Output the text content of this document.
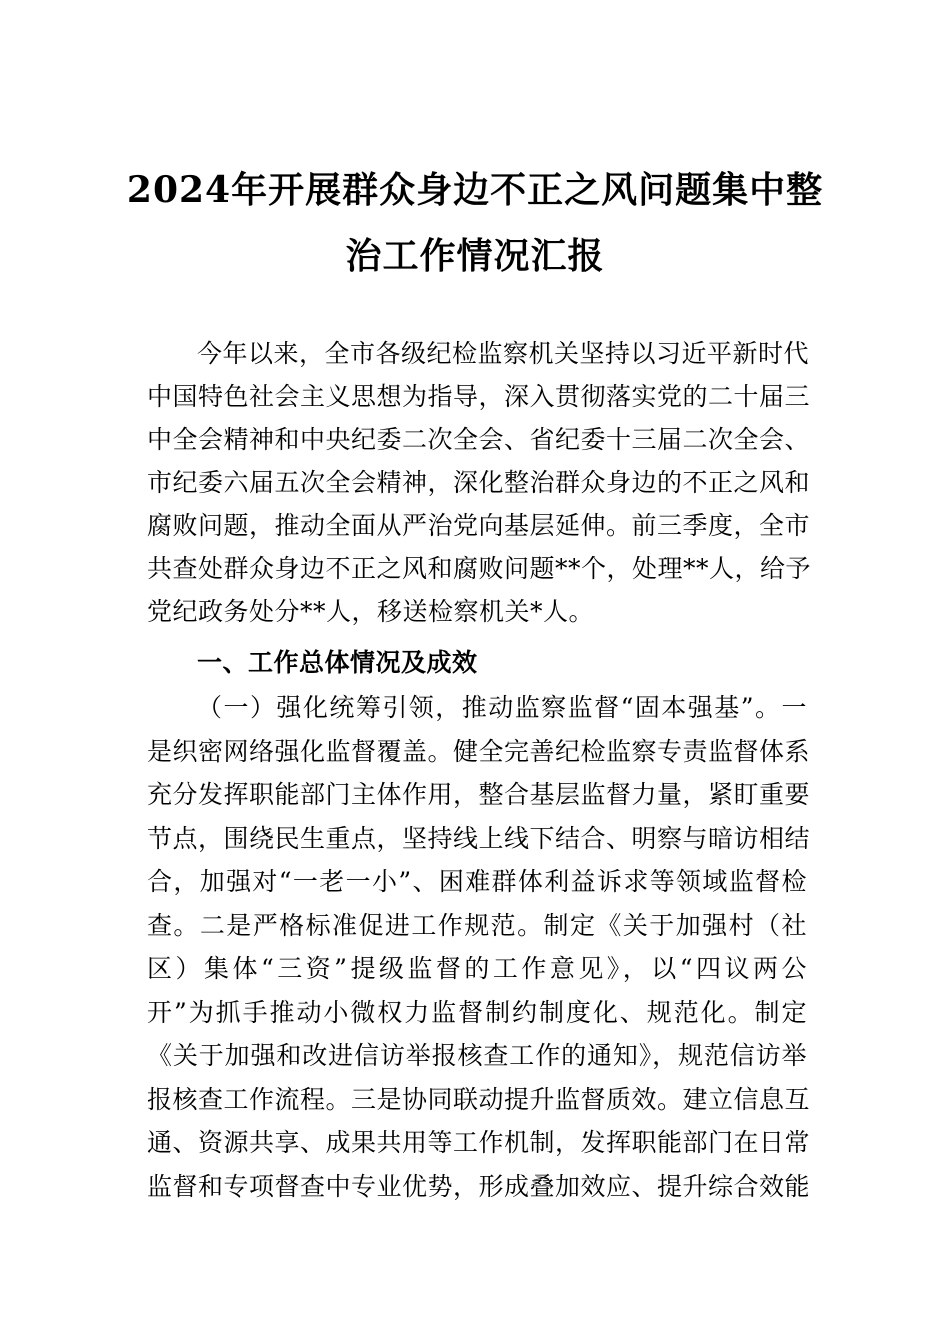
2024年开展群众身边不正之风问题集中整
治工作情况汇报
今年以来，全市各级纪检监察机关坚持以习近平新时代
中国特色社会主义思想为指导，深入贯彻落实党的二十届三
中全会精神和中央纪委二次全会、省纪委十三届二次全会、
市纪委六届五次全会精神，深化整治群众身边的不正之风和
腐败问题，推动全面从严治党向基层延伸。前三季度，全市
共查处群众身边不正之风和腐败问题**个，处理**人，给予
党纪政务处分**人，移送检察机关*人。
一、工作总体情况及成效
（一）强化统筹引领，推动监察监督“固本强基”。一
是织密网络强化监督覆盖。健全完善纪检监察专责监督体系
充分发挥职能部门主体作用，整合基层监督力量，紧盯重要
节点，围绕民生重点，坚持线上线下结合、明察与暗访相结
合，加强对“一老一小”、困难群体利益诉求等领域监督检
查。二是严格标准促进工作规范。制定《关于加强村（社
区）集体“三资”提级监督的工作意见》，以“四议两公
开”为抓手推动小微权力监督制约制度化、规范化。制定
《关于加强和改进信访举报核查工作的通知》，规范信访举
报核查工作流程。三是协同联动提升监督质效。建立信息互
通、资源共享、成果共用等工作机制，发挥职能部门在日常
监督和专项督查中专业优势，形成叠加效应、提升综合效能
